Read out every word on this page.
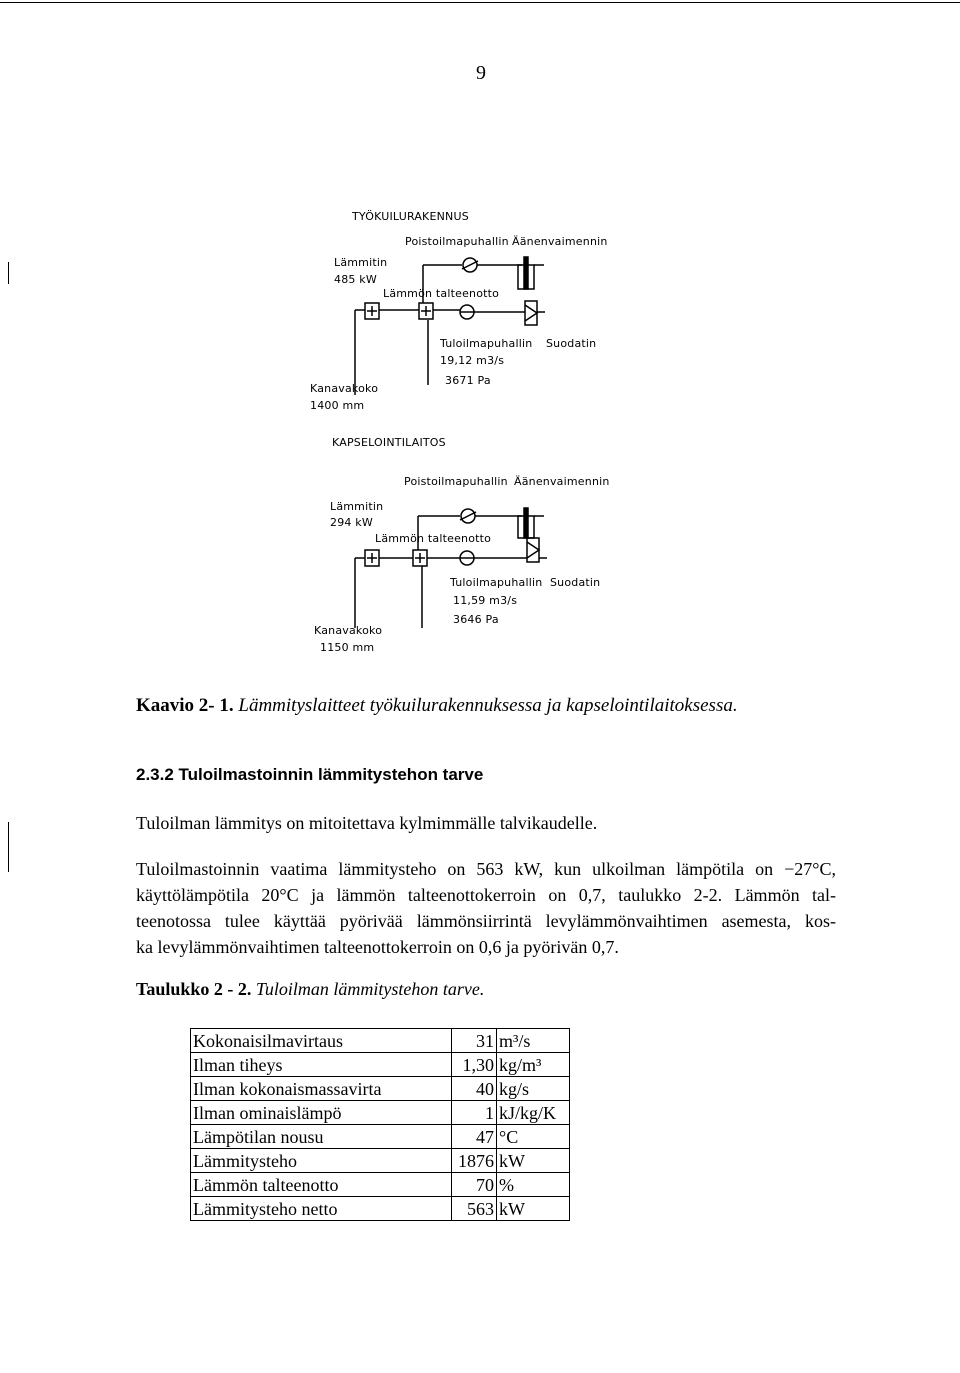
9
TYÖKUILURAKENNUS
Poistoilmapuhallin Äänenvaimennin
Lämmitin
485 kW
Lämmön talteenotto
Tuloilmapuhallin Suodatin
19,12 m3/s
3671 Pa
Kanavakoko
1400 mm
KAPSELOINTILAITOS
Poistoilmapuhallin Äänenvaimennin
Lämmitin
294 kW
Lämmön talteenotto
Tuloilmapuhallin Suodatin
11,59 m3/s
3646 Pa
Kanavakoko
1150 mm
Kaavio 2- 1. Lämmityslaitteet työkuilurakennuksessa ja kapselointilaitoksessa.
2.3.2 Tuloilmastoinnin lämmitystehon tarve
Tuloilman lämmitys on mitoitettava kylmimmälle talvikaudelle.
Tuloilmastoinnin vaatima lämmitysteho on 563 kW, kun ulkoilman lämpötila on −27°C,
käyttölämpötila 20°C ja lämmön talteenottokerroin on 0,7, taulukko 2-2. Lämmön tal-
teenotossa tulee käyttää pyörivää lämmönsiirrintä levylämmönvaihtimen asemesta, kos-
ka levylämmönvaihtimen talteenottokerroin on 0,6 ja pyörivän 0,7.
Taulukko 2 - 2. Tuloilman lämmitystehon tarve.
Kokonaisilmavirtaus	31	m³/s
Ilman tiheys	1,30	kg/m³
Ilman kokonaismassavirta	40	kg/s
Ilman ominaislämpö	1	kJ/kg/K
Lämpötilan nousu	47	°C
Lämmitysteho	1876	kW
Lämmön talteenotto	70	%
Lämmitysteho netto	563	kW
